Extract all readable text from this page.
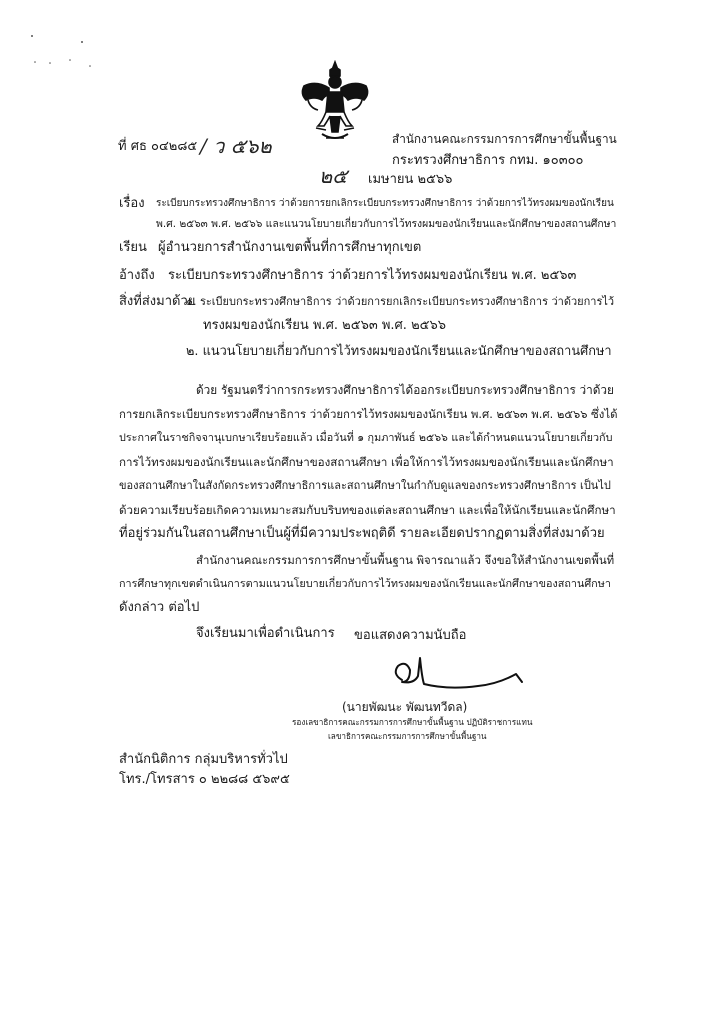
ที่ ศธ ๐๔๒๘๕ / ว ๕๖๒	สำนักงานคณะกรรมการการศึกษาขั้นพื้นฐาน
กระทรวงศึกษาธิการ กทม. ๑๐๓๐๐
๒๕ เมษายน ๒๕๖๖
เรื่อง ระเบียบกระทรวงศึกษาธิการ ว่าด้วยการยกเลิกระเบียบกระทรวงศึกษาธิการ ว่าด้วยการไว้ทรงผมของนักเรียน
พ.ศ. ๒๕๖๓ พ.ศ. ๒๕๖๖ และแนวนโยบายเกี่ยวกับการไว้ทรงผมของนักเรียนและนักศึกษาของสถานศึกษา
เรียน ผู้อำนวยการสำนักงานเขตพื้นที่การศึกษาทุกเขต
อ้างถึง ระเบียบกระทรวงศึกษาธิการ ว่าด้วยการไว้ทรงผมของนักเรียน พ.ศ. ๒๕๖๓
สิ่งที่ส่งมาด้วย
๑. ระเบียบกระทรวงศึกษาธิการ ว่าด้วยการยกเลิกระเบียบกระทรวงศึกษาธิการ ว่าด้วยการไว้
ทรงผมของนักเรียน พ.ศ. ๒๕๖๓ พ.ศ. ๒๕๖๖
๒. แนวนโยบายเกี่ยวกับการไว้ทรงผมของนักเรียนและนักศึกษาของสถานศึกษา
ด้วย รัฐมนตรีว่าการกระทรวงศึกษาธิการได้ออกระเบียบกระทรวงศึกษาธิการ ว่าด้วย
การยกเลิกระเบียบกระทรวงศึกษาธิการ ว่าด้วยการไว้ทรงผมของนักเรียน พ.ศ. ๒๕๖๓ พ.ศ. ๒๕๖๖ ซึ่งได้
ประกาศในราชกิจจานุเบกษาเรียบร้อยแล้ว เมื่อวันที่ ๑ กุมภาพันธ์ ๒๕๖๖ และได้กำหนดแนวนโยบายเกี่ยวกับ
การไว้ทรงผมของนักเรียนและนักศึกษาของสถานศึกษา เพื่อให้การไว้ทรงผมของนักเรียนและนักศึกษา
ของสถานศึกษาในสังกัดกระทรวงศึกษาธิการและสถานศึกษาในกำกับดูแลของกระทรวงศึกษาธิการ เป็นไป
ด้วยความเรียบร้อยเกิดความเหมาะสมกับบริบทของแต่ละสถานศึกษา และเพื่อให้นักเรียนและนักศึกษา
ที่อยู่ร่วมกันในสถานศึกษาเป็นผู้ที่มีความประพฤติดี รายละเอียดปรากฏตามสิ่งที่ส่งมาด้วย
สำนักงานคณะกรรมการการศึกษาขั้นพื้นฐาน พิจารณาแล้ว จึงขอให้สำนักงานเขตพื้นที่
การศึกษาทุกเขตดำเนินการตามแนวนโยบายเกี่ยวกับการไว้ทรงผมของนักเรียนและนักศึกษาของสถานศึกษา
ดังกล่าว ต่อไป
จึงเรียนมาเพื่อดำเนินการ ขอแสดงความนับถือ
(นายพัฒนะ พัฒนทวีดล)
รองเลขาธิการคณะกรรมการการศึกษาขั้นพื้นฐาน ปฏิบัติราชการแทน
เลขาธิการคณะกรรมการการศึกษาขั้นพื้นฐาน
สำนักนิติการ กลุ่มบริหารทั่วไป
โทร./โทรสาร ๐ ๒๒๘๘ ๕๖๙๕
